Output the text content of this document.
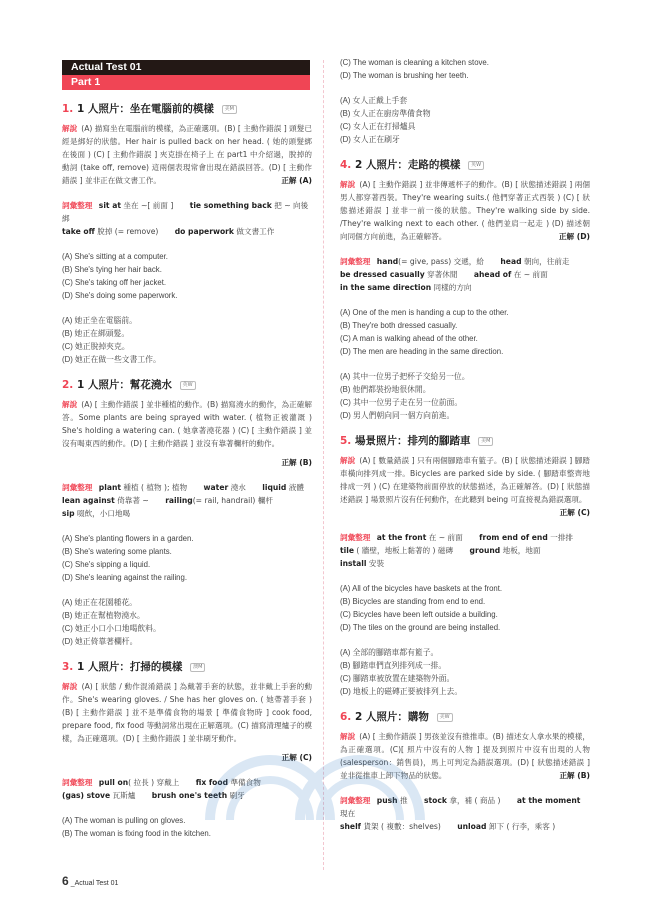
Actual Test 01
Part 1
1. 1 人照片：坐在電腦前的模樣 美M
解說 (A) 描寫坐在電腦前的模樣，為正確選項。(B) [ 主動作錯誤 ] 頭髮已經是綁好的狀態。Her hair is pulled back on her head. ( 她的頭髮綁在後面 ) (C) [ 主動作錯誤 ] 夾克掛在椅子上 在 part1 中介紹過，脫掉的動詞 (take off, remove) 這兩個表現常會出現在錯誤回答。(D) [ 主動作錯誤 ] 並非正在做文書工作。	正解 (A)
詞彙整理 sit at 坐在 ~[ 前面 ] tie something back 把 ~ 向後綁
take off 脫掉 (= remove) do paperwork 做文書工作
(A) She's sitting at a computer.
(B) She's tying her hair back.
(C) She's taking off her jacket.
(D) She's doing some paperwork.
(A) 她正坐在電腦前。
(B) 她正在綁頭髮。
(C) 她正脫掉夾克。
(D) 她正在做一些文書工作。
2. 1 人照片：幫花澆水 英W
解說 (A) [ 主動作錯誤 ] 並非種植的動作。(B) 描寫澆水的動作，為正確解答。Some plants are being sprayed with water. ( 植物正被灌溉 ) She's holding a watering can. ( 她拿著澆花器 ) (C) [ 主動作錯誤 ] 並沒有喝東西的動作。(D) [ 主動作錯誤 ] 並沒有靠著欄杆的動作。
正解 (B)
詞彙整理 plant 種植 ( 植物 ); 植物 water 澆水 liquid 液體
lean against 倚靠著 ~ railing(= rail, handrail) 欄杆
sip 啜飲，小口地喝
(A) She's planting flowers in a garden.
(B) She's watering some plants.
(C) She's sipping a liquid.
(D) She's leaning against the railing.
(A) 她正在花園種花。
(B) 她正在幫植物澆水。
(C) 她正小口小口地喝飲料。
(D) 她正倚靠著欄杆。
3. 1 人照片：打掃的模樣 澳M
解說 (A) [ 狀態 / 動作混淆錯誤 ] 為戴著手套的狀態，並非戴上手套的動作。She's wearing gloves. / She has her gloves on. ( 她帶著手套 ) (B) [ 主動作錯誤 ] 並不是準備食物的場景 [ 準備食物時 ] cook food, prepare food, fix food 等動詞常出現在正解選項。(C) 描寫清理爐子的模樣，為正確選項。(D) [ 主動作錯誤 ] 並非刷牙動作。
正解 (C)
詞彙整理 pull on( 拉長 ) 穿戴上 fix food 準備食物
(gas) stove 瓦斯爐 brush one's teeth 刷牙
(A) The woman is pulling on gloves.
(B) The woman is fixing food in the kitchen.
(C) The woman is cleaning a kitchen stove.
(D) The woman is brushing her teeth.
(A) 女人正戴上手套
(B) 女人正在廚房準備食物
(C) 女人正在打掃爐具
(D) 女人正在刷牙
4. 2 人照片：走路的模樣 英W
解說 (A) [ 主動作錯誤 ] 並非傳遞杯子的動作。(B) [ 狀態描述錯誤 ] 兩個男人都穿著西裝。They're wearing suits.( 他們穿著正式西裝 ) (C) [ 狀態描述錯誤 ] 並非一前一後的狀態。They're walking side by side. /They're walking next to each other. ( 他們並肩一起走 ) (D) 描述朝向同個方向前進，為正確解答。	正解 (D)
詞彙整理 hand(= give, pass) 交遞，給 head 朝向，往前走
be dressed casually 穿著休閒 ahead of 在 ~ 前面
in the same direction 同樣的方向
(A) One of the men is handing a cup to the other.
(B) They're both dressed casually.
(C) A man is walking ahead of the other.
(D) The men are heading in the same direction.
(A) 其中一位男子把杯子交給另一位。
(B) 他們都裝扮地很休閒。
(C) 其中一位男子走在另一位前面。
(D) 男人們朝向同一個方向前進。
5. 場景照片：排列的腳踏車 美M
解說 (A) [ 數量錯誤 ] 只有兩個腳踏車有籃子。(B) [ 狀態描述錯誤 ] 腳踏車橫向排列成一排。Bicycles are parked side by side. ( 腳踏車整齊地排成一列 ) (C) 在建築物前面停放的狀態描述，為正確解答。(D) [ 狀態描述錯誤 ] 場景照片沒有任何動作，在此聽到 being 可直接視為錯誤選項。
正解 (C)
詞彙整理 at the front 在 ~ 前面 from end of end 一排排
tile ( 牆壁，地板上黏著的 ) 磁磚 ground 地板，地面
install 安裝
(A) All of the bicycles have baskets at the front.
(B) Bicycles are standing from end to end.
(C) Bicycles have been left outside a building.
(D) The tiles on the ground are being installed.
(A) 全部的腳踏車都有籃子。
(B) 腳踏車們直列排列成一排。
(C) 腳踏車被放置在建築物外面。
(D) 地板上的磁磚正要被排列上去。
6. 2 人照片：購物 美W
解說 (A) [ 主動作錯誤 ] 男孩並沒有推推車。(B) 描述女人拿水果的模樣，為正確選項。(C)[ 照片中沒有的人物 ] 提及到照片中沒有出現的人物 (salesperson：銷售員)，馬上可判定為錯誤選項。(D) [ 狀態描述錯誤 ] 並非從推車上卸下物品的狀態。	正解 (B)
詞彙整理 push 推 stock 拿，補 ( 商品 ) at the moment 現在
shelf 貨架 ( 複數：shelves) unload 卸下 ( 行李，乘客 )
6 _Actual Test 01
